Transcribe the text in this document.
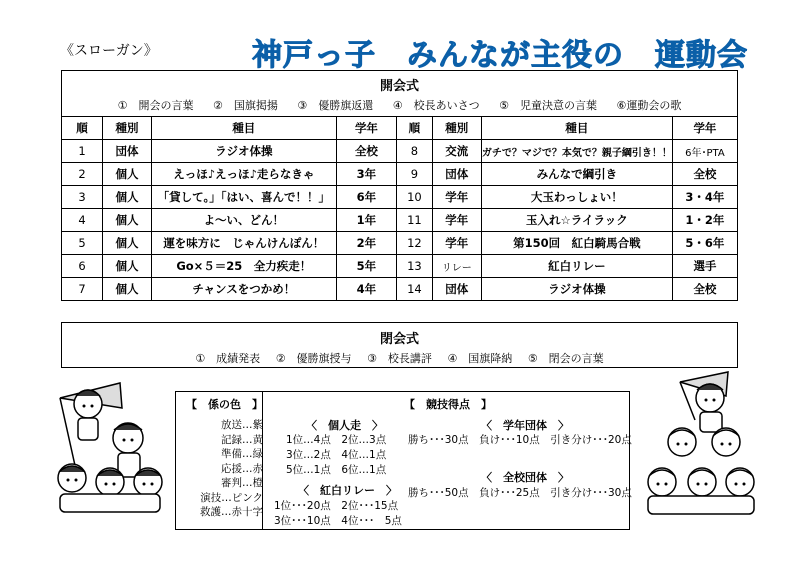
《スローガン》	神戸っ子　みんなが主役の　運動会
開会式
①　開会の言葉 ②　国旗掲揚 ③　優勝旗返還 ④　校長あいさつ ⑤　児童決意の言葉 ⑥運動会の歌
順	種別	種目	学年	順	種別	種目	学年
1	団体	ラジオ体操	全校	8	交流	ガチで？マジで？本気で？親子綱引き！！	6年･PTA
2	個人	えっほ♪えっほ♪走らなきゃ	3年	9	団体	みんなで綱引き	全校
3	個人	「貸して。」「はい、喜んで！！」	6年	10	学年	大玉わっしょい！	3・4年
4	個人	よ～い、どん！	1年	11	学年	玉入れ☆ライラック	1・2年
5	個人	運を味方に　じゃんけんぽん！	2年	12	学年	第150回　紅白騎馬合戦	5・6年
6	個人	Go×５＝25　全力疾走！	5年	13	リレー	紅白リレー	選手
7	個人	チャンスをつかめ！	4年	14	団体	ラジオ体操	全校
閉会式
①　成績発表 ②　優勝旗授与 ③　校長講評 ④　国旗降納 ⑤　閉会の言葉
【　係の色　】
放送…紫
記録…黄
準備…緑
応援…赤
審判…橙
演技…ピンク
救護…赤十字
【　競技得点　】
〈　個人走　〉
1位…4点　2位…3点
3位…2点　4位…1点
5位…1点　6位…1点
〈　紅白リレー　〉
1位･･･20点　2位･･･15点
3位･･･10点　4位･･･　5点
〈　学年団体　〉
勝ち･･･30点　負け･･･10点　引き分け･･･20点
〈　全校団体　〉
勝ち･･･50点　負け･･･25点　引き分け･･･30点
